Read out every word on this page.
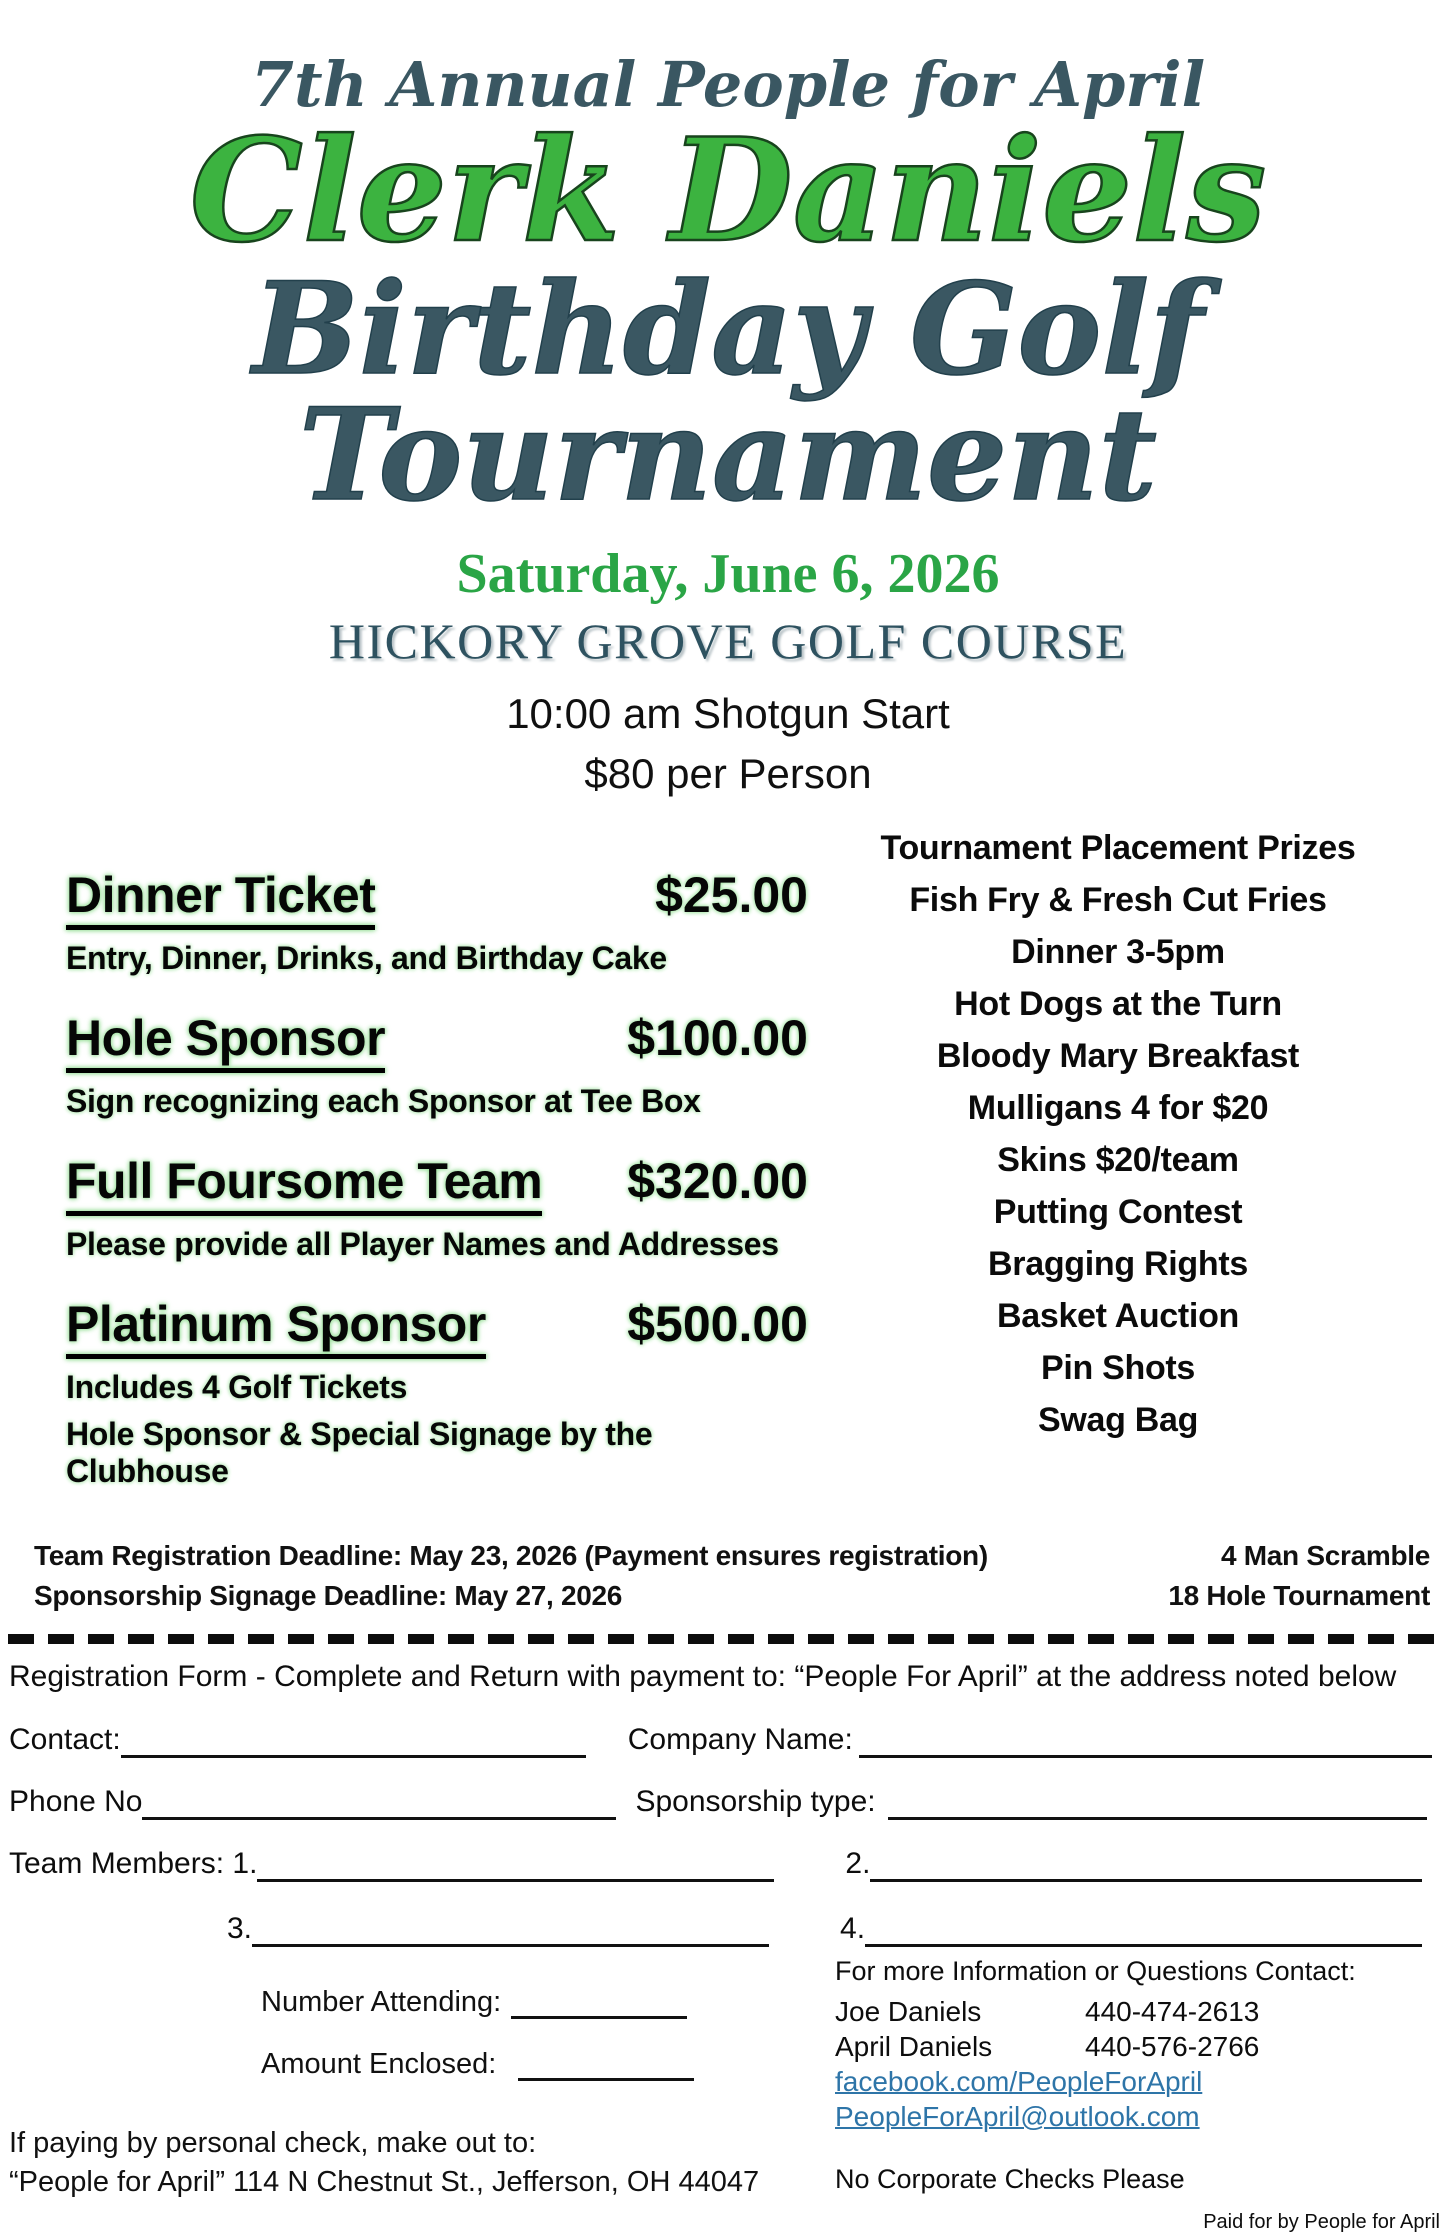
7th Annual People for April
Clerk Daniels
Birthday Golf Tournament
Saturday, June 6, 2026
HICKORY GROVE GOLF COURSE
10:00 am Shotgun Start
$80 per Person
Dinner Ticket	$25.00
Entry, Dinner, Drinks, and Birthday Cake
Hole Sponsor	$100.00
Sign recognizing each Sponsor at Tee Box
Full Foursome Team $320.00
Please provide all Player Names and Addresses
Platinum Sponsor	$500.00
Includes 4 Golf Tickets
Hole Sponsor & Special Signage by the Clubhouse
Tournament Placement Prizes
Fish Fry & Fresh Cut Fries
Dinner 3-5pm
Hot Dogs at the Turn
Bloody Mary Breakfast
Mulligans 4 for $20
Skins $20/team
Putting Contest
Bragging Rights
Basket Auction
Pin Shots
Swag Bag
Team Registration Deadline: May 23, 2026 (Payment ensures registration)
Sponsorship Signage Deadline: May 27, 2026
4 Man Scramble
18 Hole Tournament
Registration Form - Complete and Return with payment to: “People For April” at the address noted below
Contact:	Company Name:
Phone No	Sponsorship type:
Team Members: 1.	2.
3.	4.
Number Attending:
Amount Enclosed:
If paying by personal check, make out to:
“People for April” 114 N Chestnut St., Jefferson, OH 44047
For more Information or Questions Contact:
Joe Daniels	440-474-2613
April Daniels	440-576-2766
facebook.com/PeopleForApril
PeopleForApril@outlook.com
No Corporate Checks Please
Paid for by People for April
